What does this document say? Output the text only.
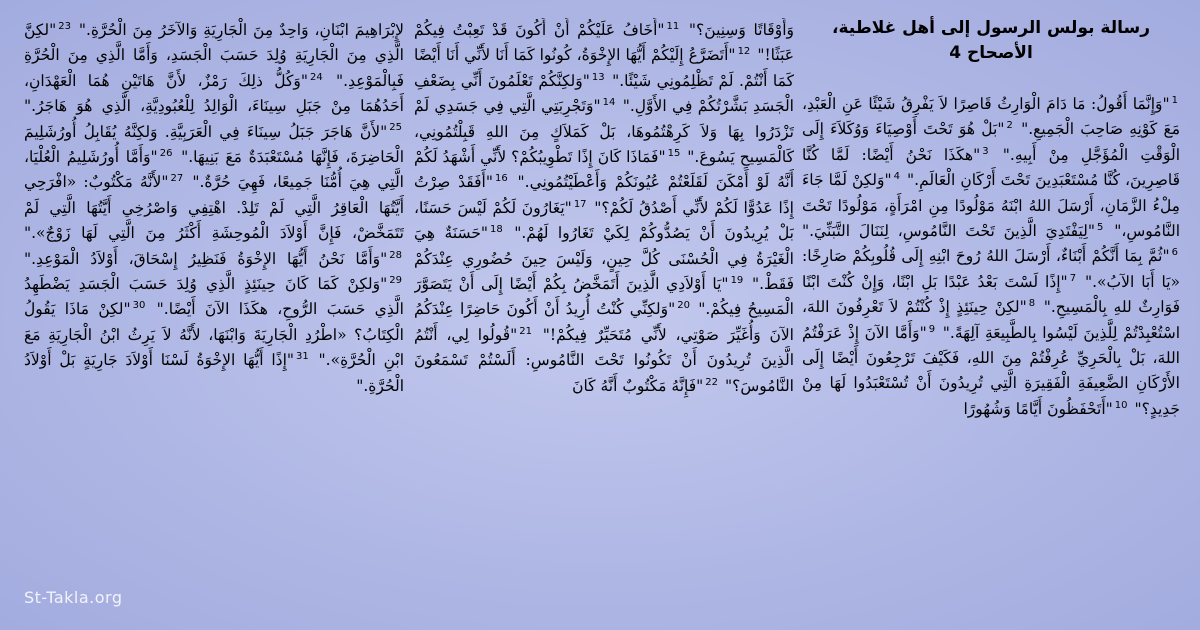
رسالة بولس الرسول إلى أهل غلاطية،
الأصحاح 4
$^1$"وَإِنَّمَا أَقُولُ: مَا دَامَ الْوَارِثُ قَاصِرًا لاَ يَفْرِقُ شَيْئًا عَنِ الْعَبْدِ، مَعَ كَوْنِهِ صَاحِبَ الْجَمِيعِ." $^2$"بَلْ هُوَ تَحْتَ أَوْصِيَاءَ وَوُكَلاَءَ إِلَى الْوَقْتِ الْمُؤَجَّلِ مِنْ أَبِيهِ." $^3$"هكَذَا نَحْنُ أَيْضًا: لَمَّا كُنَّا قَاصِرِينَ، كُنَّا مُسْتَعْبَدِينَ تَحْتَ أَرْكَانِ الْعَالَمِ." $^4$"وَلكِنْ لَمَّا جَاءَ مِلْءُ الزَّمَانِ، أَرْسَلَ اللهُ ابْنَهُ مَوْلُودًا مِنِ امْرَأَةٍ، مَوْلُودًا تَحْتَ النَّامُوسِ،" $^5$"لِيَفْتَدِيَ الَّذِينَ تَحْتَ النَّامُوسِ، لِنَنَالَ التَّبَنِّيَ." $^6$"ثُمَّ بِمَا أَنَّكُمْ أَبْنَاءٌ، أَرْسَلَ اللهُ رُوحَ ابْنِهِ إِلَى قُلُوبِكُمْ صَارِخًا: «يَا أَبَا الآبُ»." $^7$"إِذًا لَسْتَ بَعْدُ عَبْدًا بَلِ ابْنًا، وَإِنْ كُنْتَ ابْنًا فَوَارِثٌ للهِ بِالْمَسِيحِ." $^8$"لكِنْ حِينَئِذٍ إِذْ كُنْتُمْ لاَ تَعْرِفُونَ اللهَ، اسْتُعْبِدْتُمْ لِلَّذِينَ لَيْسُوا بِالطَّبِيعَةِ آلِهَةً." $^9$"وَأَمَّا الآنَ إِذْ عَرَفْتُمُ اللهَ، بَلْ بِالْحَرِيِّ عُرِفْتُمْ مِنَ اللهِ، فَكَيْفَ تَرْجِعُونَ أَيْضًا إِلَى الأَرْكَانِ الضَّعِيفَةِ الْفَقِيرَةِ الَّتِي تُرِيدُونَ أَنْ تُسْتَعْبَدُوا لَهَا مِنْ جَدِيدٍ؟" $^{10}$"أَتَحْفَظُونَ أَيَّامًا وَشُهُورًا
وَأَوْقَاتًا وَسِنِينَ؟" $^{11}$"أَخَافُ عَلَيْكُمْ أَنْ أَكُونَ قَدْ تَعِبْتُ فِيكُمْ عَبَثًا!" $^{12}$"أَتَضَرَّعُ إِلَيْكُمْ أَيُّهَا الإِخْوَةُ، كُونُوا كَمَا أَنَا لأَنِّي أَنَا أَيْضًا كَمَا أَنْتُمْ. لَمْ تَظْلِمُونِي شَيْئًا." $^{13}$"وَلكِنَّكُمْ تَعْلَمُونَ أَنِّي بِضَعْفِ الْجَسَدِ بَشَّرْتُكُمْ فِي الأَوَّلِ." $^{14}$"وَتَجْرِبَتِي الَّتِي فِي جَسَدِي لَمْ تَزْدَرُوا بِهَا وَلاَ كَرِهْتُمُوهَا، بَلْ كَمَلاَكٍ مِنَ اللهِ قَبِلْتُمُونِي، كَالْمَسِيحِ يَسُوعَ." $^{15}$"فَمَاذَا كَانَ إِذًا تَطْوِيبُكُمْ؟ لأَنِّي أَشْهَدُ لَكُمْ أَنَّهُ لَوْ أَمْكَنَ لَقَلَعْتُمْ عُيُونَكُمْ وَأَعْطَيْتُمُونِي." $^{16}$"أَفَقَدْ صِرْتُ إِذًا عَدُوًّا لَكُمْ لأَنِّي أَصْدُقُ لَكُمْ؟" $^{17}$"يَغَارُونَ لَكُمْ لَيْسَ حَسَنًا، بَلْ يُرِيدُونَ أَنْ يَصُدُّوكُمْ لِكَيْ تَغَارُوا لَهُمْ." $^{18}$"حَسَنَةٌ هِيَ الْغَيْرَةُ فِي الْحُسْنَى كُلَّ حِينٍ، وَلَيْسَ حِينَ حُضُورِي عِنْدَكُمْ فَقَطْ." $^{19}$"يَا أَوْلاَدِي الَّذِينَ أَتَمَخَّضُ بِكُمْ أَيْضًا إِلَى أَنْ يَتَصَوَّرَ الْمَسِيحُ فِيكُمْ." $^{20}$"وَلكِنِّي كُنْتُ أُرِيدُ أَنْ أَكُونَ حَاضِرًا عِنْدَكُمُ الآنَ وَأُغَيِّرَ صَوْتِي، لأَنِّي مُتَحَيِّرٌ فِيكُمْ!" $^{21}$"قُولُوا لِي، أَنْتُمُ الَّذِينَ تُرِيدُونَ أَنْ تَكُونُوا تَحْتَ النَّامُوسِ: أَلَسْتُمْ تَسْمَعُونَ النَّامُوسَ؟" $^{22}$"فَإِنَّهُ مَكْتُوبٌ أَنَّهُ كَانَ
لإِبْرَاهِيمَ ابْنَانِ، وَاحِدٌ مِنَ الْجَارِيَةِ وَالآخَرُ مِنَ الْحُرَّةِ." $^{23}$"لكِنَّ الَّذِي مِنَ الْجَارِيَةِ وُلِدَ حَسَبَ الْجَسَدِ، وَأَمَّا الَّذِي مِنَ الْحُرَّةِ فَبِالْمَوْعِدِ." $^{24}$"وَكُلُّ ذلِكَ رَمْزٌ، لأَنَّ هَاتَيْنِ هُمَا الْعَهْدَانِ، أَحَدُهُمَا مِنْ جَبَلِ سِينَاءَ، الْوَالِدُ لِلْعُبُودِيَّةِ، الَّذِي هُوَ هَاجَرُ." $^{25}$"لأَنَّ هَاجَرَ جَبَلُ سِينَاءَ فِي الْعَرَبِيَّةِ. وَلكِنَّهُ يُقَابِلُ أُورُشَلِيمَ الْحَاضِرَةَ، فَإِنَّهَا مُسْتَعْبَدَةٌ مَعَ بَنِيهَا." $^{26}$"وَأَمَّا أُورُشَلِيمُ الْعُلْيَا، الَّتِي هِيَ أُمُّنَا جَمِيعًا، فَهِيَ حُرَّةٌ." $^{27}$"لأَنَّهُ مَكْتُوبٌ: «افْرَحِي أَيَّتُهَا الْعَاقِرُ الَّتِي لَمْ تَلِدْ. اهْتِفِي وَاصْرُخِي أَيَّتُهَا الَّتِي لَمْ تَتَمَخَّضْ، فَإِنَّ أَوْلاَدَ الْمُوحِشَةِ أَكْثَرُ مِنَ الَّتِي لَهَا زَوْجٌ»." $^{28}$"وَأَمَّا نَحْنُ أَيُّهَا الإِخْوَةُ فَنَظِيرُ إِسْحَاقَ، أَوْلاَدُ الْمَوْعِدِ." $^{29}$"وَلكِنْ كَمَا كَانَ حِينَئِذٍ الَّذِي وُلِدَ حَسَبَ الْجَسَدِ يَضْطَهِدُ الَّذِي حَسَبَ الرُّوحِ، هكَذَا الآنَ أَيْضًا." $^{30}$"لكِنْ مَاذَا يَقُولُ الْكِتَابُ؟ «اطْرُدِ الْجَارِيَةَ وَابْنَهَا، لأَنَّهُ لاَ يَرِثُ ابْنُ الْجَارِيَةِ مَعَ ابْنِ الْحُرَّةِ»." $^{31}$"إِذًا أَيُّهَا الإِخْوَةُ لَسْنَا أَوْلاَدَ جَارِيَةٍ بَلْ أَوْلاَدُ الْحُرَّةِ."
St-Takla.org
